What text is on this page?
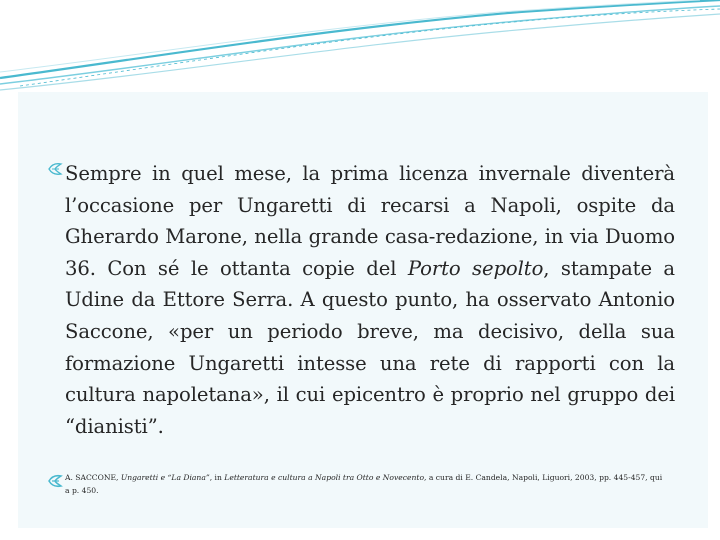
Sempre in quel mese, la prima licenza invernale diventerà l’occasione per Ungaretti di recarsi a Napoli, ospite da Gherardo Marone, nella grande casa-redazione, in via Duomo 36. Con sé le ottanta copie del Porto sepolto, stampate a Udine da Ettore Serra. A questo punto, ha osservato Antonio Saccone, «per un periodo breve, ma decisivo, della sua formazione Ungaretti intesse una rete di rapporti con la cultura napoletana», il cui epicentro è proprio nel gruppo dei “dianisti”.

A. SACCONE, Ungaretti e “La Diana”, in Letteratura e cultura a Napoli tra Otto e Novecento, a cura di E. Candela, Napoli, Liguori, 2003, pp. 445-457, qui a p. 450.
